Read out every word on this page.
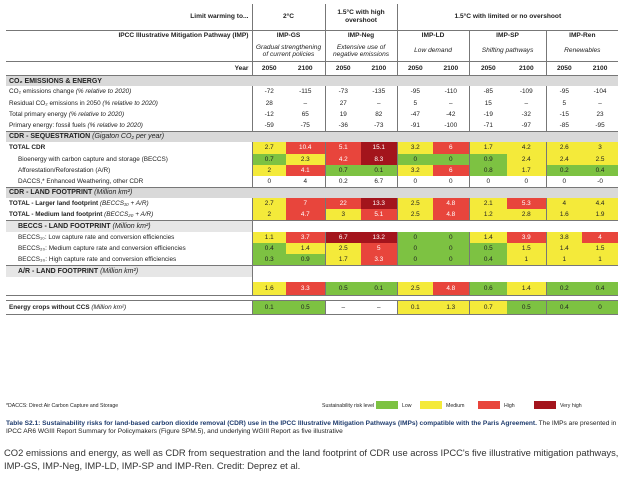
Limit warming to...	2°C		1.5°C with high overshoot		1.5°C with limited or no overshoot					
IPCC Illustrative Mitigation Pathway (IMP)	IMP-GS		IMP-Neg		IMP-LD		IMP-SP		IMP-Ren	
	Gradual strengthening of current policies		Extensive use of negative emissions		Low demand		Shifting pathways		Renewables	
Year	2050	2100	2050	2100	2050	2100	2050	2100	2050	2100
CO₂ EMISSIONS & ENERGY										
CO₂ emissions change (% relative to 2020)	-72	-115	-73	-135	-95	-110	-85	-109	-95	-104
Residual CO₂ emissions in 2050 (% relative to 2020)	28	–	27	–	5	–	15	–	5	–
Total primary energy (% relative to 2020)	-12	65	19	82	-47	-42	-19	-32	-15	23
Primary energy: fossil fuels (% relative to 2020)	-59	-75	-36	-73	-91	-100	-71	-97	-85	-95
CDR - SEQUESTRATION (Gigaton CO₂ per year)										
TOTAL CDR	2.7	10.4	5.1	15.1	3.2	6	1.7	4.2	2.6	3
Bioenergy with carbon capture and storage (BECCS)	0.7	2.3	4.2	8.3	0	0	0.9	2.4	2.4	2.5
Afforestation/Reforestation (A/R)	2	4.1	0.7	0.1	3.2	6	0.8	1.7	0.2	0.4
DACCS,* Enhanced Weathering, other CDR	0	4	0.2	6.7	0	0	0	0	0	-0
CDR - LAND FOOTPRINT (Million km²)										
TOTAL - Larger land footprint (BECCS₁₀ + A/R)	2.7	7	22	13.3	2.5	4.8	2.1	5.3	4	4.4
TOTAL - Medium land footprint (BECCS₂₀ + A/R)	2	4.7	3	5.1	2.5	4.8	1.2	2.8	1.6	1.9
BECCS - LAND FOOTPRINT (Million km²)										
BECCS₁₀: Low capture rate and conversion efficiencies	1.1	3.7	6.7	13.2	0	0	1.4	3.9	3.8	4
BECCS₂₀: Medium capture rate and conversion efficiencies	0.4	1.4	2.5	5	0	0	0.5	1.5	1.4	1.5
BECCS₃₀: High capture rate and conversion efficiencies	0.3	0.9	1.7	3.3	0	0	0.4	1	1	1
A/R - LAND FOOTPRINT (Million km²)										

	1.6	3.3	0.5	0.1	2.5	4.8	0.6	1.4	0.2	0.4

Energy crops without CCS (Million km²)	0.1	0.5	–	–	0.1	1.3	0.7	0.5	0.4	0
*DACCS: Direct Air Carbon Capture and Storage	Sustainability risk level	Low	Medium	High	Very high
Table S2.1: Sustainability risks for land-based carbon dioxide removal (CDR) use in the IPCC Illustrative Mitigation Pathways (IMPs) compatible with the Paris Agreement. The IMPs are presented in IPCC AR6 WGIII Report Summary for Policymakers (Figure SPM.5), and underlying WGIII Report as five illustrative
CO2 emissions and energy, as well as CDR from sequestration and the land footprint of CDR use across IPCC's five illustrative mitigation pathways, IMP-GS, IMP-Neg, IMP-LD, IMP-SP and IMP-Ren. Credit: Deprez et al.
